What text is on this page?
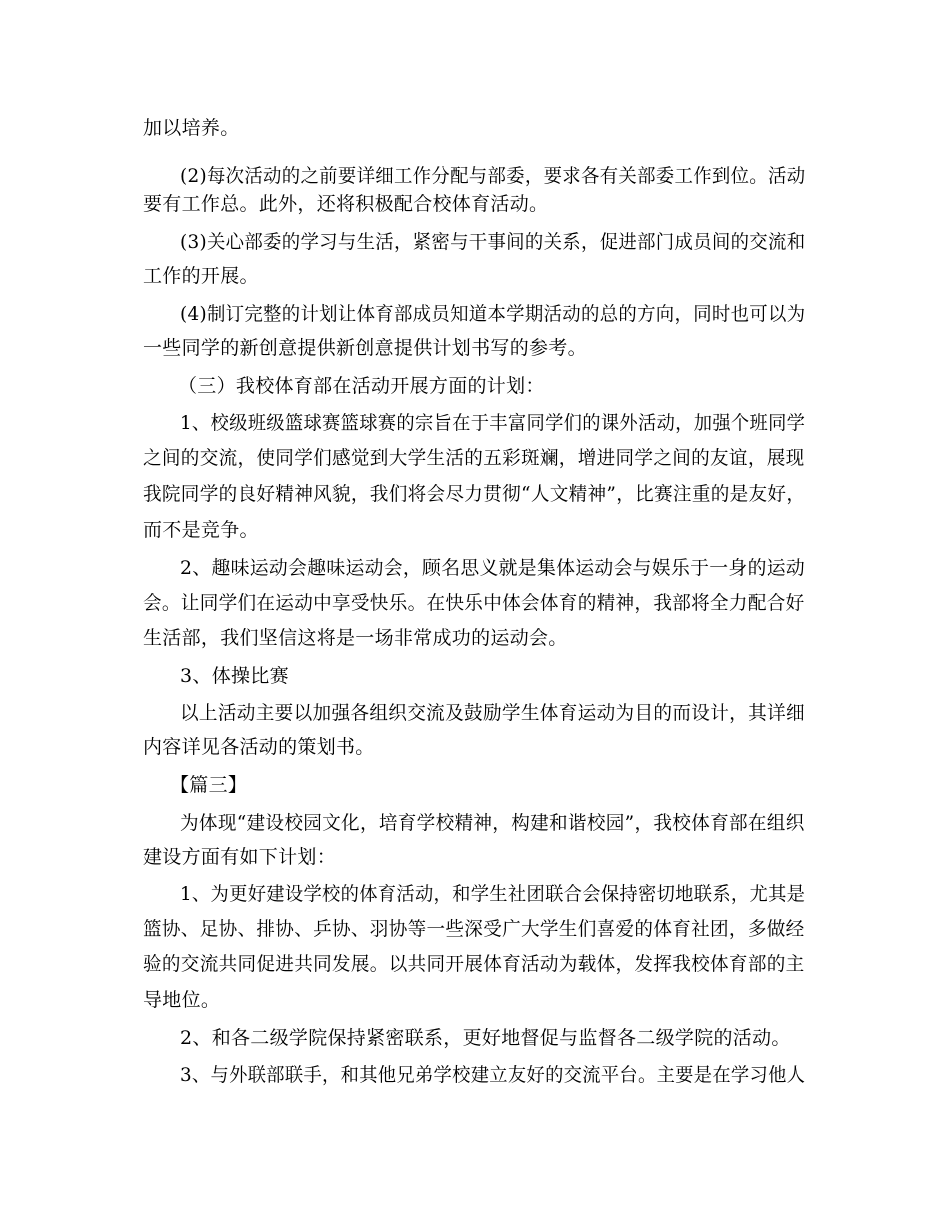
加以培养。
(2)每次活动的之前要详细工作分配与部委，要求各有关部委工作到位。活动
要有工作总。此外，还将积极配合校体育活动。
(3)关心部委的学习与生活，紧密与干事间的关系，促进部门成员间的交流和
工作的开展。
(4)制订完整的计划让体育部成员知道本学期活动的总的方向，同时也可以为
一些同学的新创意提供新创意提供计划书写的参考。
（三）我校体育部在活动开展方面的计划：
1、校级班级篮球赛篮球赛的宗旨在于丰富同学们的课外活动，加强个班同学
之间的交流，使同学们感觉到大学生活的五彩斑斓，增进同学之间的友谊，展现
我院同学的良好精神风貌，我们将会尽力贯彻“人文精神”，比赛注重的是友好，
而不是竞争。
2、趣味运动会趣味运动会，顾名思义就是集体运动会与娱乐于一身的运动
会。让同学们在运动中享受快乐。在快乐中体会体育的精神，我部将全力配合好
生活部，我们坚信这将是一场非常成功的运动会。
3、体操比赛
以上活动主要以加强各组织交流及鼓励学生体育运动为目的而设计，其详细
内容详见各活动的策划书。
【篇三】
为体现“建设校园文化，培育学校精神，构建和谐校园”，我校体育部在组织
建设方面有如下计划：
1、为更好建设学校的体育活动，和学生社团联合会保持密切地联系，尤其是
篮协、足协、排协、乒协、羽协等一些深受广大学生们喜爱的体育社团，多做经
验的交流共同促进共同发展。以共同开展体育活动为载体，发挥我校体育部的主
导地位。
2、和各二级学院保持紧密联系，更好地督促与监督各二级学院的活动。
3、与外联部联手，和其他兄弟学校建立友好的交流平台。主要是在学习他人
